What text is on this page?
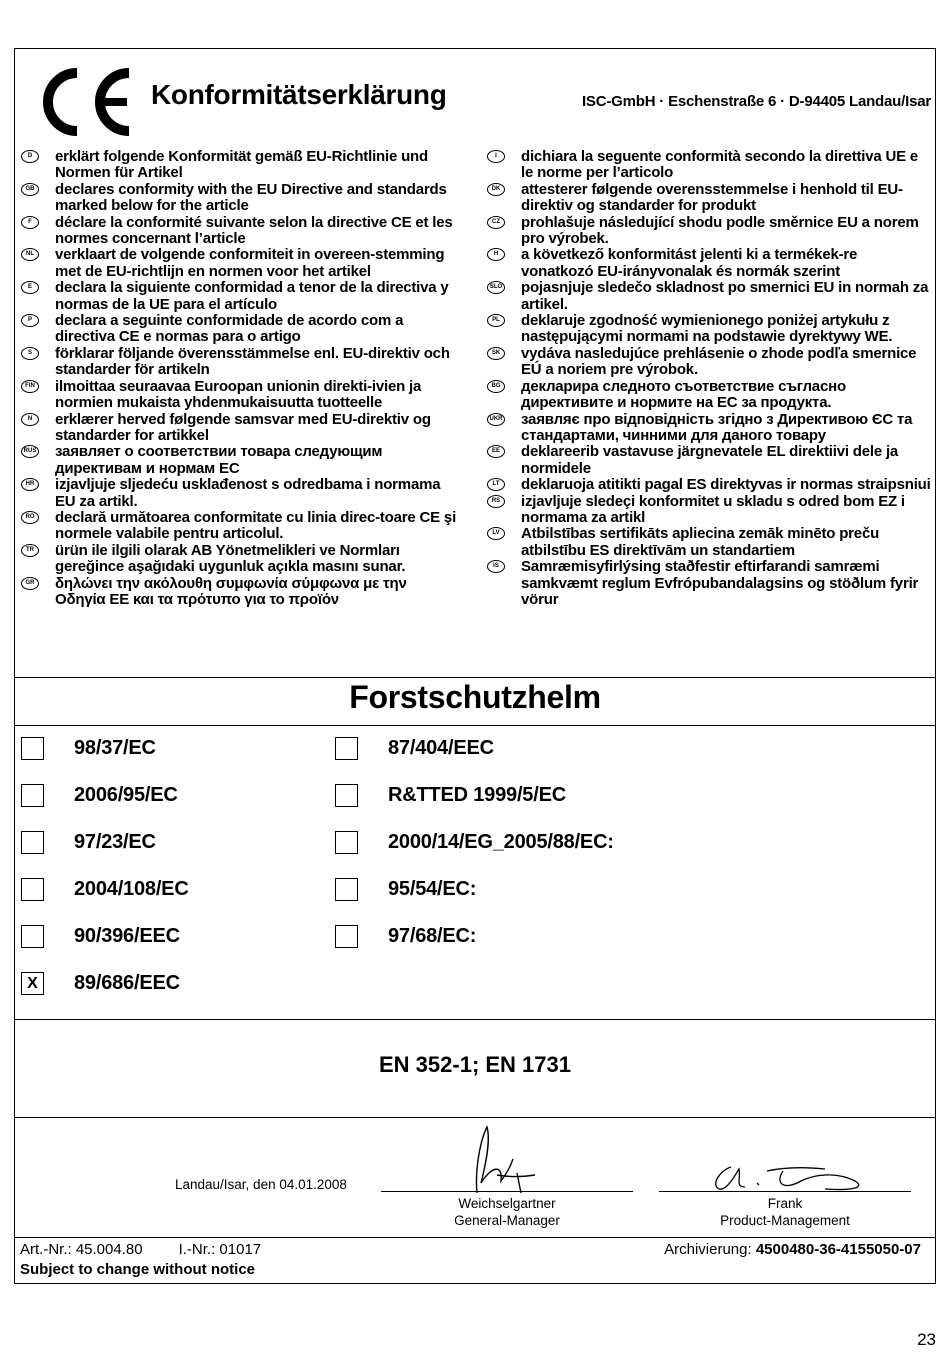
Konformitätserklärung	ISC-GmbH · Eschenstraße 6 · D-94405 Landau/Isar
D	erklärt folgende Konformität gemäß EU-Richtlinie und Normen für Artikel
GB	declares conformity with the EU Directive and standards marked below for the article
F	déclare la conformité suivante selon la directive CE et les normes concernant l’article
NL	verklaart de volgende conformiteit in overeen-stemming met de EU-richtlijn en normen voor het artikel
E	declara la siguiente conformidad a tenor de la directiva y normas de la UE para el artículo
P	declara a seguinte conformidade de acordo com a directiva CE e normas para o artigo
S	förklarar följande överensstämmelse enl. EU-direktiv och standarder för artikeln
FIN ilmoittaa seuraavaa Euroopan unionin direkti-ivien ja normien mukaista yhdenmukaisuutta tuotteelle
N	erklærer herved følgende samsvar med EU-direktiv og standarder for artikkel
RUS заявляет о соответствии товара следующим директивам и нормам ЕС
HR	izjavljuje sljedeću usklađenost s odredbama i normama EU za artikl.
RO	declară următoarea conformitate cu linia direc-toare CE şi normele valabile pentru articolul.
TR	ürün ile ilgili olarak AB Yönetmelikleri ve Normları gereğince aşağıdaki uygunluk açıkla masını sunar.
GR	δηλώνει την ακόλουθη συμφωνία σύμφωνα με την Οδηγία ΕΕ και τα πρότυπο για το προϊόν
I	dichiara la seguente conformità secondo la direttiva UE e le norme per l’articolo
DK	attesterer følgende overensstemmelse i henhold til EU-direktiv og standarder for produkt
CZ	prohlašuje následující shodu podle směrnice EU a norem pro výrobek.
H	a következő konformitást jelenti ki a termékek-re vonatkozó EU-irányvonalak és normák szerint
SLO pojasnjuje sledečo skladnost po smernici EU in normah za artikel.
PL	deklaruje zgodność wymienionego poniżej artykułu z następującymi normami na podstawie dyrektywy WE.
SK	vydáva nasledujúce prehlásenie o zhode podľa smernice EÚ a noriem pre výrobok.
BG	декларира следното съответствие съгласно директивите и нормите на ЕС за продукта.
UKR заявляє про відповідність згідно з Директивою ЄС та стандартами, чинними для даного товару
EE	deklareerib vastavuse järgnevatele EL direktiivi dele ja normidele
LT	deklaruoja atitikti pagal ES direktyvas ir normas straipsniui
RS	izjavljuje sledeçi konformitet u skladu s odred bom EZ i normama za artikl
LV	Atbilstības sertifikāts apliecina zemāk minēto preču atbilstību ES direktīvām un standartiem
IS	Samræmisyfirlýsing staðfestir eftirfarandi samræmi samkvæmt reglum Evfrópubandalagsins og stöðlum fyrir vörur
Forstschutzhelm
98/37/EC	87/404/EEC
2006/95/EC	R&TTED 1999/5/EC
97/23/EC	2000/14/EG_2005/88/EC:
2004/108/EC	95/54/EC:
90/396/EEC	97/68/EC:
X	89/686/EEC
EN 352-1; EN 1731
Landau/Isar, den 04.01.2008
Weichselgartner
General-Manager
Frank
Product-Management
Art.-Nr.: 45.004.80 I.-Nr.: 01017
Subject to change without notice
Archivierung: 4500480-36-4155050-07
23
